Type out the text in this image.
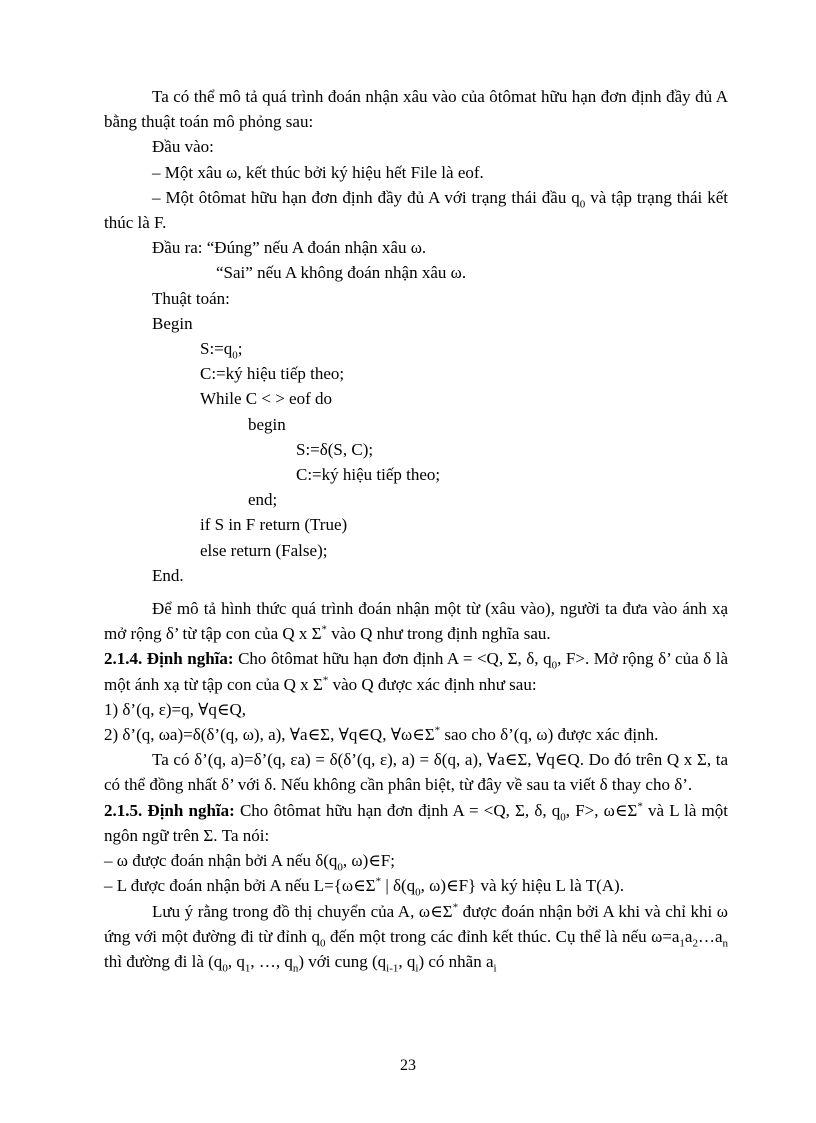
Ta có thể mô tả quá trình đoán nhận xâu vào của ôtômat hữu hạn đơn định đầy đủ A bằng thuật toán mô phỏng sau:

Đầu vào:

– Một xâu ω, kết thúc bởi ký hiệu hết File là eof.

– Một ôtômat hữu hạn đơn định đầy đủ A với trạng thái đầu $q_0$ và tập trạng thái kết thúc là F.

Đầu ra: “Đúng” nếu A đoán nhận xâu ω.

“Sai” nếu A không đoán nhận xâu ω.

Thuật toán:

Begin

$S:=q_0$;

C:=ký hiệu tiếp theo;

While C < > eof do

begin

S:=δ(S, C);

C:=ký hiệu tiếp theo;

end;

if S in F return (True)

else return (False);

End.

Để mô tả hình thức quá trình đoán nhận một từ (xâu vào), người ta đưa vào ánh xạ mở rộng δ’ từ tập con của Q x Σ* vào Q như trong định nghĩa sau.

2.1.4. Định nghĩa: Cho ôtômat hữu hạn đơn định A = <Q, Σ, δ, $q_0$, F>. Mở rộng δ’ của δ là một ánh xạ từ tập con của Q x Σ* vào Q được xác định như sau:

1) δ’(q, ε)=q, ∀q∈Q,

2) δ’(q, ωa)=δ(δ’(q, ω), a), ∀a∈Σ, ∀q∈Q, ∀ω∈Σ* sao cho δ’(q, ω) được xác định.

Ta có δ’(q, a)=δ’(q, εa) = δ(δ’(q, ε), a) = δ(q, a), ∀a∈Σ, ∀q∈Q. Do đó trên Q x Σ, ta có thể đồng nhất δ’ với δ. Nếu không cần phân biệt, từ đây về sau ta viết δ thay cho δ’.

2.1.5. Định nghĩa: Cho ôtômat hữu hạn đơn định A = <Q, Σ, δ, $q_0$, F>, ω∈Σ* và L là một ngôn ngữ trên Σ. Ta nói:

– ω được đoán nhận bởi A nếu $\delta(q_0$, ω)∈F;

– L được đoán nhận bởi A nếu L={ω∈Σ* | $\delta(q_0$, ω)∈F} và ký hiệu L là T(A).

Lưu ý rằng trong đồ thị chuyển của A, ω∈Σ* được đoán nhận bởi A khi và chỉ khi ω ứng với một đường đi từ đỉnh $q_0$ đến một trong các đỉnh kết thúc. Cụ thể là nếu $\omega=a_1a_2\dots a_n$ thì đường đi là ($q_0$, $q_1$, …, $q_n$) với cung ($q_{i-1}$, $q_i$) có nhãn $a_i$

23
